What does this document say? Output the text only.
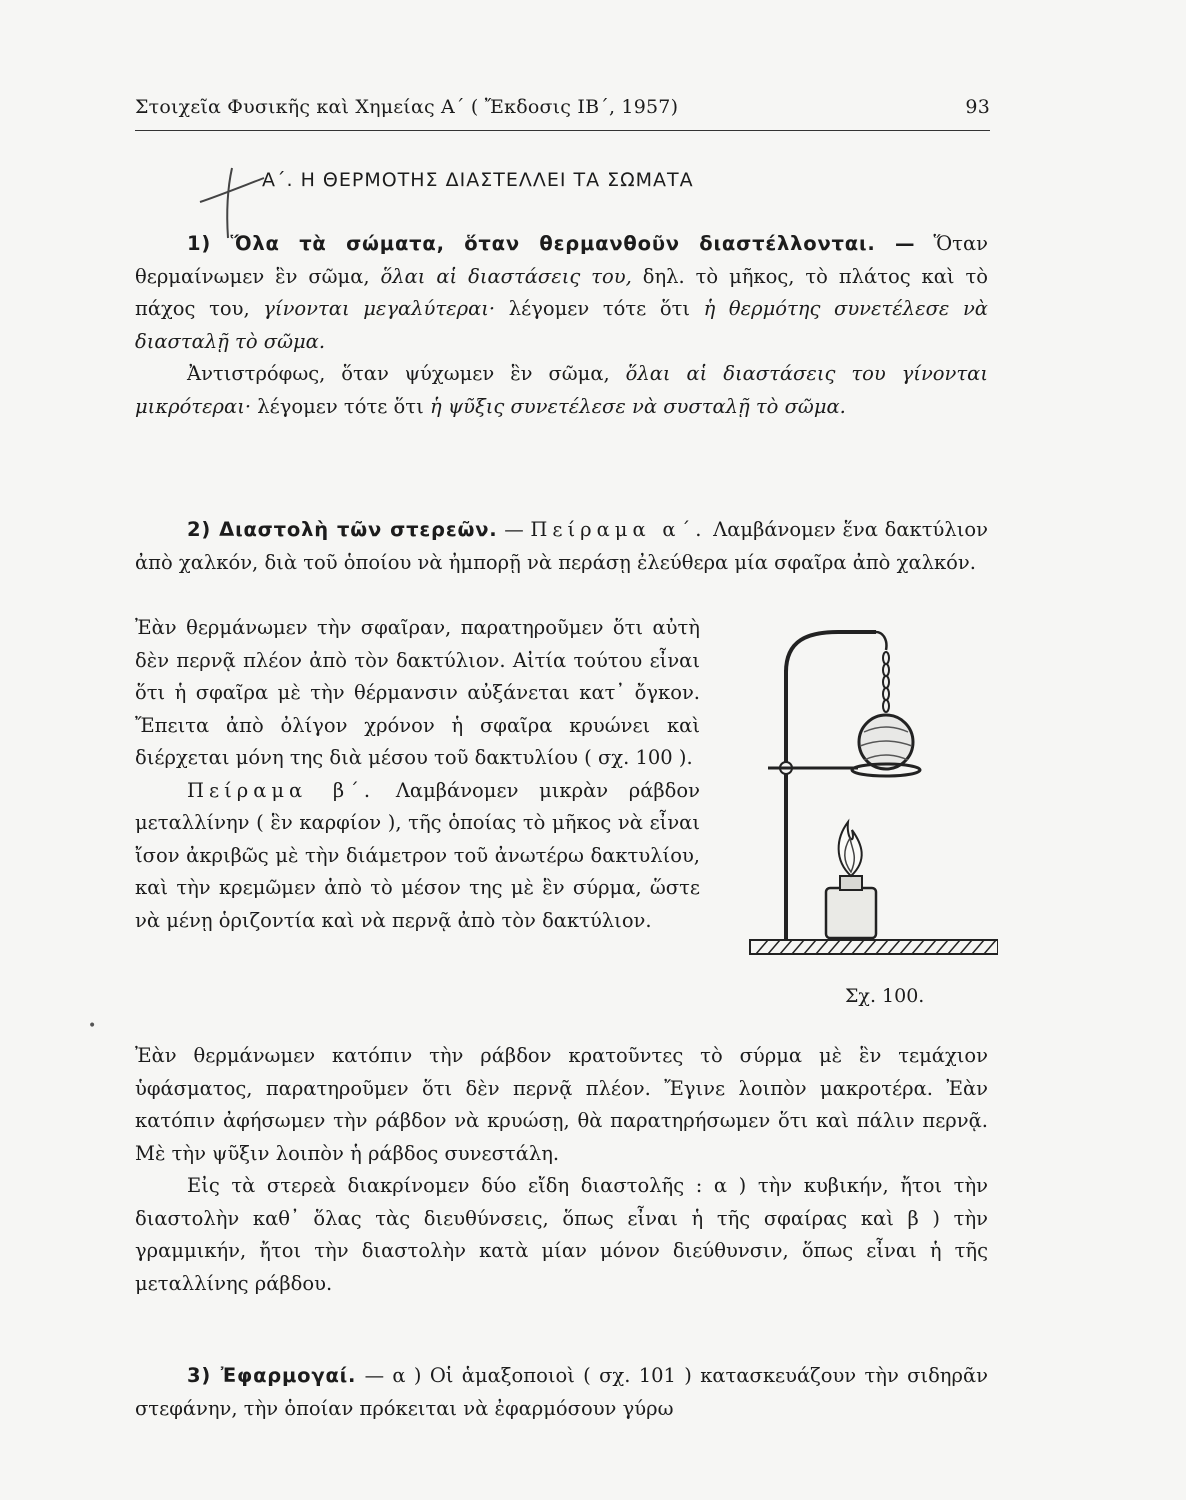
Στοιχεῖα Φυσικῆς καὶ Χημείας Α΄ ( Ἔκδοσις ΙΒ΄, 1957)	93
Α΄. Η ΘΕΡΜΟΤΗΣ ΔΙΑΣΤΕΛΛΕΙ ΤΑ ΣΩΜΑΤΑ

1) Ὅλα τὰ σώματα, ὅταν θερμανθοῦν διαστέλλονται. — Ὅταν θερμαίνωμεν ἓν σῶμα, ὅλαι αἱ διαστάσεις του, δηλ. τὸ μῆκος, τὸ πλάτος καὶ τὸ πάχος του, γίνονται μεγαλύτεραι· λέγομεν τότε ὅτι ἡ θερμότης συνετέλεσε νὰ διασταλῇ τὸ σῶμα.

Ἀντιστρόφως, ὅταν ψύχωμεν ἓν σῶμα, ὅλαι αἱ διαστάσεις του γίνονται μικρότεραι· λέγομεν τότε ὅτι ἡ ψῦξις συνετέλεσε νὰ συσταλῇ τὸ σῶμα.

2) Διαστολὴ τῶν στερεῶν. — Πείραμα α΄. Λαμβάνομεν ἕνα δακτύλιον ἀπὸ χαλκόν, διὰ τοῦ ὁποίου νὰ ἠμπορῇ νὰ περάσῃ ἐλεύθερα μία σφαῖρα ἀπὸ χαλκόν.

Ἐὰν θερμάνωμεν τὴν σφαῖραν, παρατηροῦμεν ὅτι αὐτὴ δὲν περνᾷ πλέον ἀπὸ τὸν δακτύλιον. Αἰτία τούτου εἶναι ὅτι ἡ σφαῖρα μὲ τὴν θέρμανσιν αὐξάνεται κατ᾿ ὄγκον. Ἔπειτα ἀπὸ ὀλίγον χρόνον ἡ σφαῖρα κρυώνει καὶ διέρχεται μόνη της διὰ μέσου τοῦ δακτυλίου ( σχ. 100 ).

Πείραμα β΄. Λαμβάνομεν μικρὰν ράβδον μεταλλίνην ( ἓν καρφίον ), τῆς ὁποίας τὸ μῆκος νὰ εἶναι ἴσον ἀκριβῶς μὲ τὴν διάμετρον τοῦ ἀνωτέρω δακτυλίου, καὶ τὴν κρεμῶμεν ἀπὸ τὸ μέσον της μὲ ἓν σύρμα, ὥστε νὰ μένῃ ὁριζοντία καὶ νὰ περνᾷ ἀπὸ τὸν δακτύλιον.

Ἐὰν θερμάνωμεν κατόπιν τὴν ράβδον κρατοῦντες τὸ σύρμα μὲ ἓν τεμάχιον ὑφάσματος, παρατηροῦμεν ὅτι δὲν περνᾷ πλέον. Ἔγινε λοιπὸν μακροτέρα. Ἐὰν κατόπιν ἀφήσωμεν τὴν ράβδον νὰ κρυώσῃ, θὰ παρατηρήσωμεν ὅτι καὶ πάλιν περνᾷ. Μὲ τὴν ψῦξιν λοιπὸν ἡ ράβδος συνεστάλη.

Εἰς τὰ στερεὰ διακρίνομεν δύο εἴδη διαστολῆς : α ) τὴν κυβικήν, ἤτοι τὴν διαστολὴν καθ᾿ ὅλας τὰς διευθύνσεις, ὅπως εἶναι ἡ τῆς σφαίρας καὶ β ) τὴν γραμμικήν, ἤτοι τὴν διαστολὴν κατὰ μίαν μόνον διεύθυνσιν, ὅπως εἶναι ἡ τῆς μεταλλίνης ράβδου.

3) Ἐφαρμογαί. — α ) Οἱ ἁμαξοποιοὶ ( σχ. 101 ) κατασκευάζουν τὴν σιδηρᾶν στεφάνην, τὴν ὁποίαν πρόκειται νὰ ἐφαρμόσουν γύρω

Σχ. 100.
•
